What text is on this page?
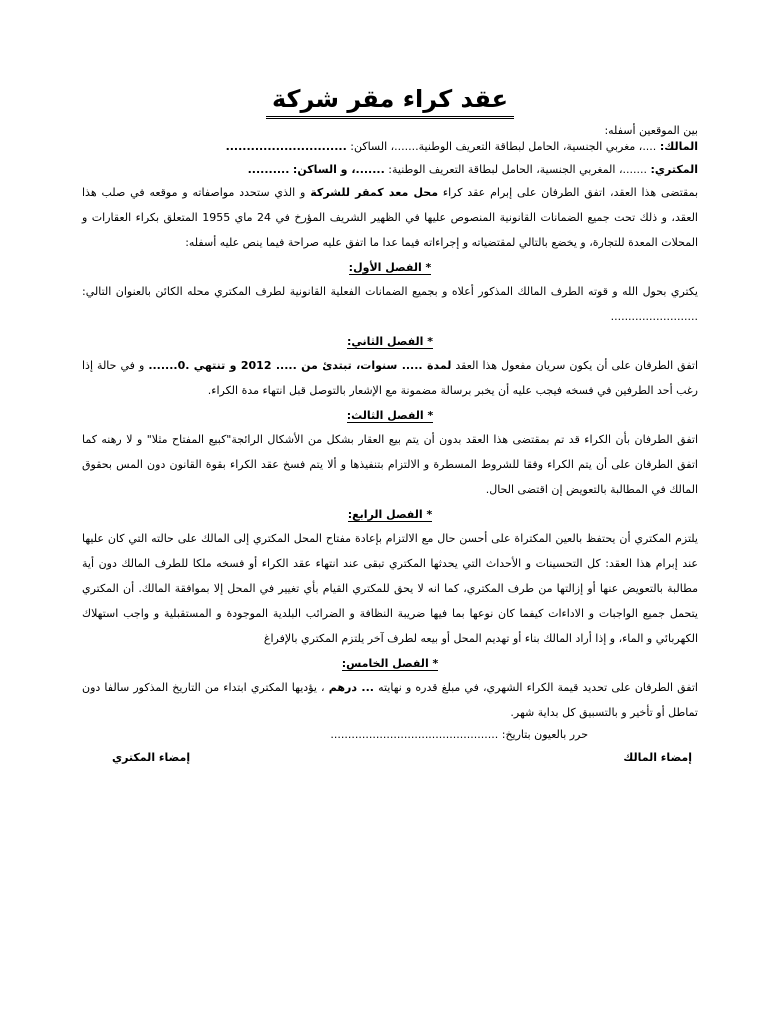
عقد كراء مقر شركة
بين الموقعين أسفله:
المالك: ....، مغربي الجنسية، الحامل لبطاقة التعريف الوطنية.......، الساكن: .............................
المكتري: .......، المغربي الجنسية، الحامل لبطاقة التعريف الوطنية: .......، و الساكن: ..........
بمقتضى هذا العقد، اتفق الطرفان على إبرام عقد كراء محل معد كمقر للشركة و الذي ستحدد مواصفاته و موقعه في صلب هذا العقد، و ذلك تحت جميع الضمانات القانونية المنصوص عليها في الظهير الشريف المؤرخ في 24 ماي 1955 المتعلق بكراء العقارات و المحلات المعدة للتجارة، و يخضع بالتالي لمقتضياته و إجراءاته فيما عدا ما اتفق عليه صراحة فيما ينص عليه أسفله:
* الفصل الأول:
يكتري بحول الله و قوته الطرف المالك المذكور أعلاه و بجميع الضمانات الفعلية القانونية لطرف المكتري محله الكائن بالعنوان التالي: .........................
* الفصل الثاني:
اتفق الطرفان على أن يكون سريان مفعول هذا العقد لمدة ..... سنوات، تبتدئ من ..... 2012 و تنتهي .0....... و في حالة إذا رغب أحد الطرفين في فسخه فيجب عليه أن يخبر برسالة مضمونة مع الإشعار بالتوصل قبل انتهاء مدة الكراء.
* الفصل الثالث:
اتفق الطرفان بأن الكراء قد تم بمقتضى هذا العقد بدون أن يتم بيع العقار بشكل من الأشكال الرائجة"كبيع المفتاح مثلا" و لا رهنه كما اتفق الطرفان على أن يتم الكراء وفقا للشروط المسطرة و الالتزام بتنفيذها و ألا يتم فسخ عقد الكراء بقوة القانون دون المس بحقوق المالك في المطالبة بالتعويض إن اقتضى الحال.
* الفصل الرابع:
يلتزم المكتري أن يحتفظ بالعين المكتراة على أحسن حال مع الالتزام بإعادة مفتاح المحل المكتري إلى المالك على حالته التي كان عليها عند إبرام هذا العقد: كل التحسينات و الأحداث التي يحدثها المكتري تبقى عند انتهاء عقد الكراء أو فسخه ملكا للطرف المالك دون أية مطالبة بالتعويض عنها أو إزالتها من طرف المكتري، كما انه لا يحق للمكتري القيام بأي تغيير في المحل إلا بموافقة المالك. أن المكتري يتحمل جميع الواجبات و الاداءات كيفما كان نوعها بما فيها ضريبة النظافة و الضرائب البلدية الموجودة و المستقبلية و واجب استهلاك الكهربائي و الماء، و إذا أراد المالك بناء أو تهديم المحل أو بيعه لطرف آخر يلتزم المكتري بالإفراغ
* الفصل الخامس:
اتفق الطرفان على تحديد قيمة الكراء الشهري، في مبلغ قدره و نهايته ... درهم ، يؤديها المكتري ابتداء من التاريخ المذكور سالفا دون تماطل أو تأخير و بالتسبيق كل بداية شهر.
حرر بالعيون بتاريخ: ................................................
إمضاء المالك
إمضاء المكتري
